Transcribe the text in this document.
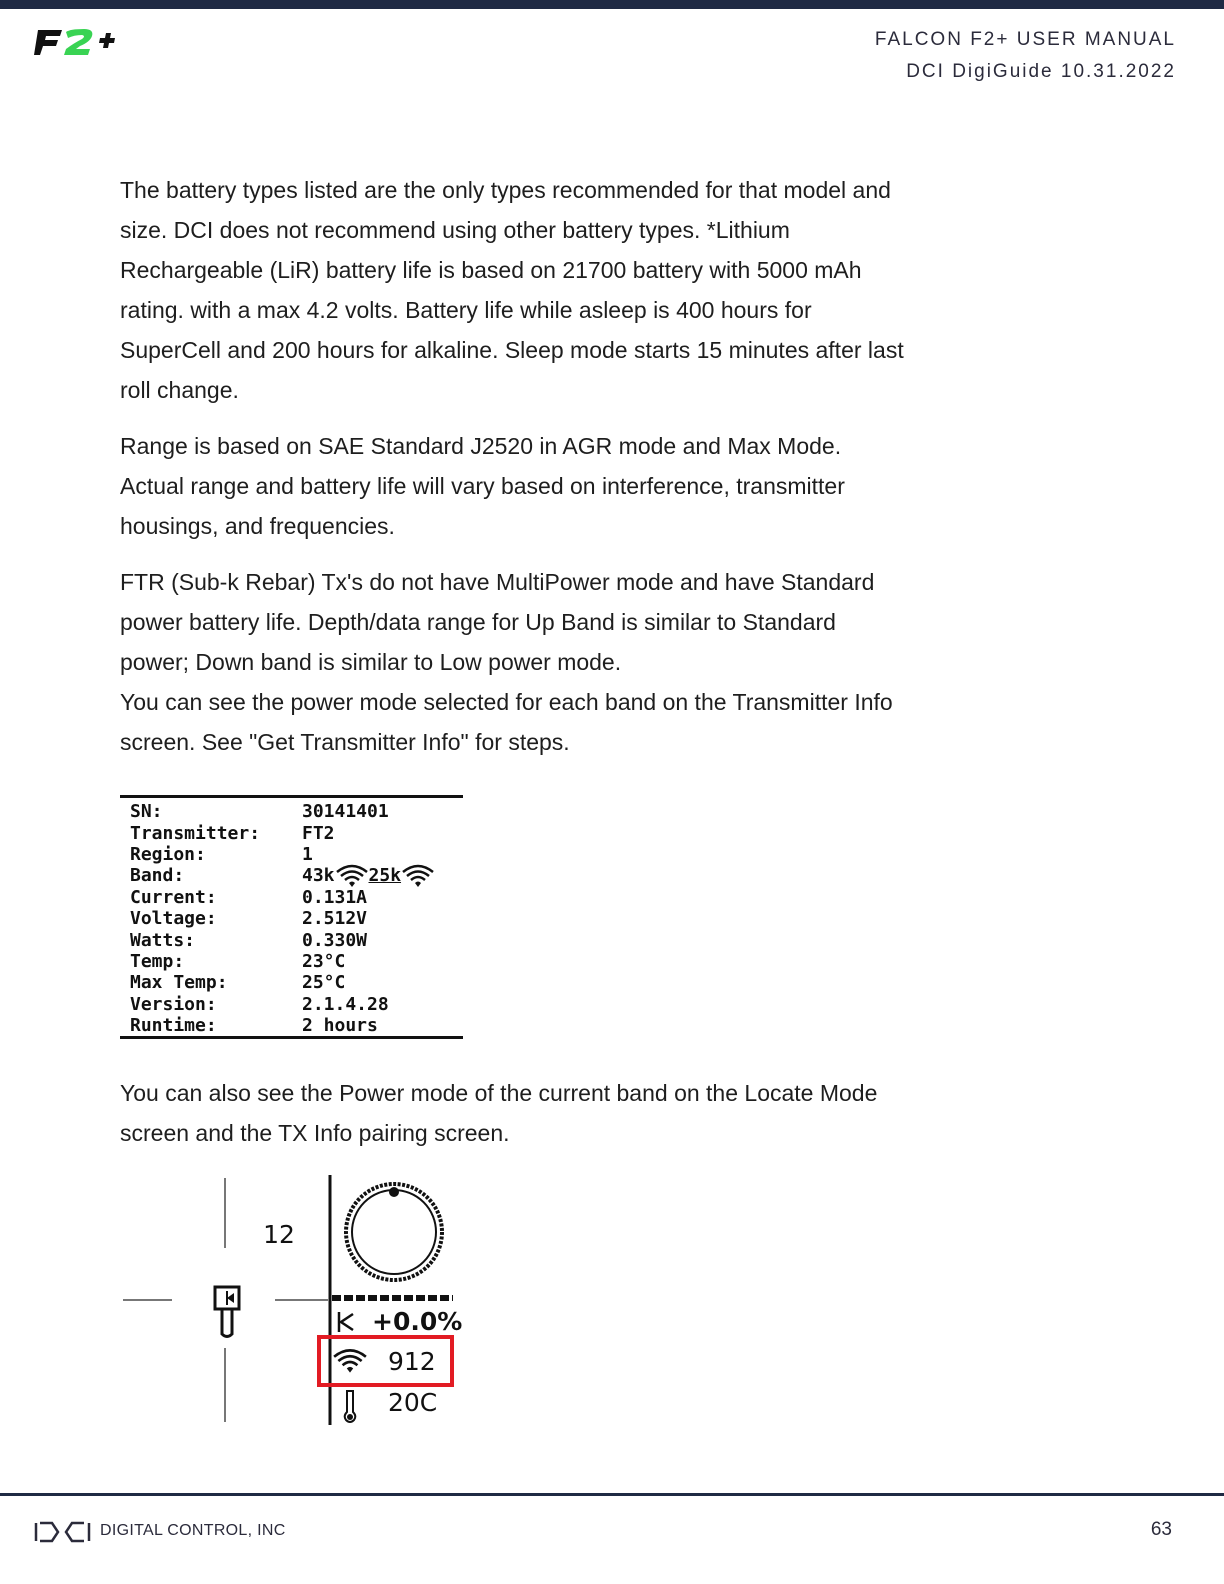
FALCON F2+ USER MANUAL
DCI DigiGuide 10.31.2022

The battery types listed are the only types recommended for that model and size. DCI does not recommend using other battery types. *Lithium Rechargeable (LiR) battery life is based on 21700 battery with 5000 mAh rating. with a max 4.2 volts. Battery life while asleep is 400 hours for SuperCell and 200 hours for alkaline. Sleep mode starts 15 minutes after last roll change.

Range is based on SAE Standard J2520 in AGR mode and Max Mode. Actual range and battery life will vary based on interference, transmitter housings, and frequencies.

FTR (Sub-k Rebar) Tx's do not have MultiPower mode and have Standard power battery life. Depth/data range for Up Band is similar to Standard power; Down band is similar to Low power mode.

You can see the power mode selected for each band on the Transmitter Info screen. See "Get Transmitter Info" for steps.

SN:	30141401
Transmitter:	FT2
Region:	1
Band:	43k 25k
Current:	0.131A
Voltage:	2.512V
Watts:	0.330W
Temp:	23°C
Max Temp:	25°C
Version:	2.1.4.28
Runtime:	2 hours

You can also see the Power mode of the current band on the Locate Mode screen and the TX Info pairing screen.

12
+0.0%
912
20C
DIGITAL CONTROL, INC	63
